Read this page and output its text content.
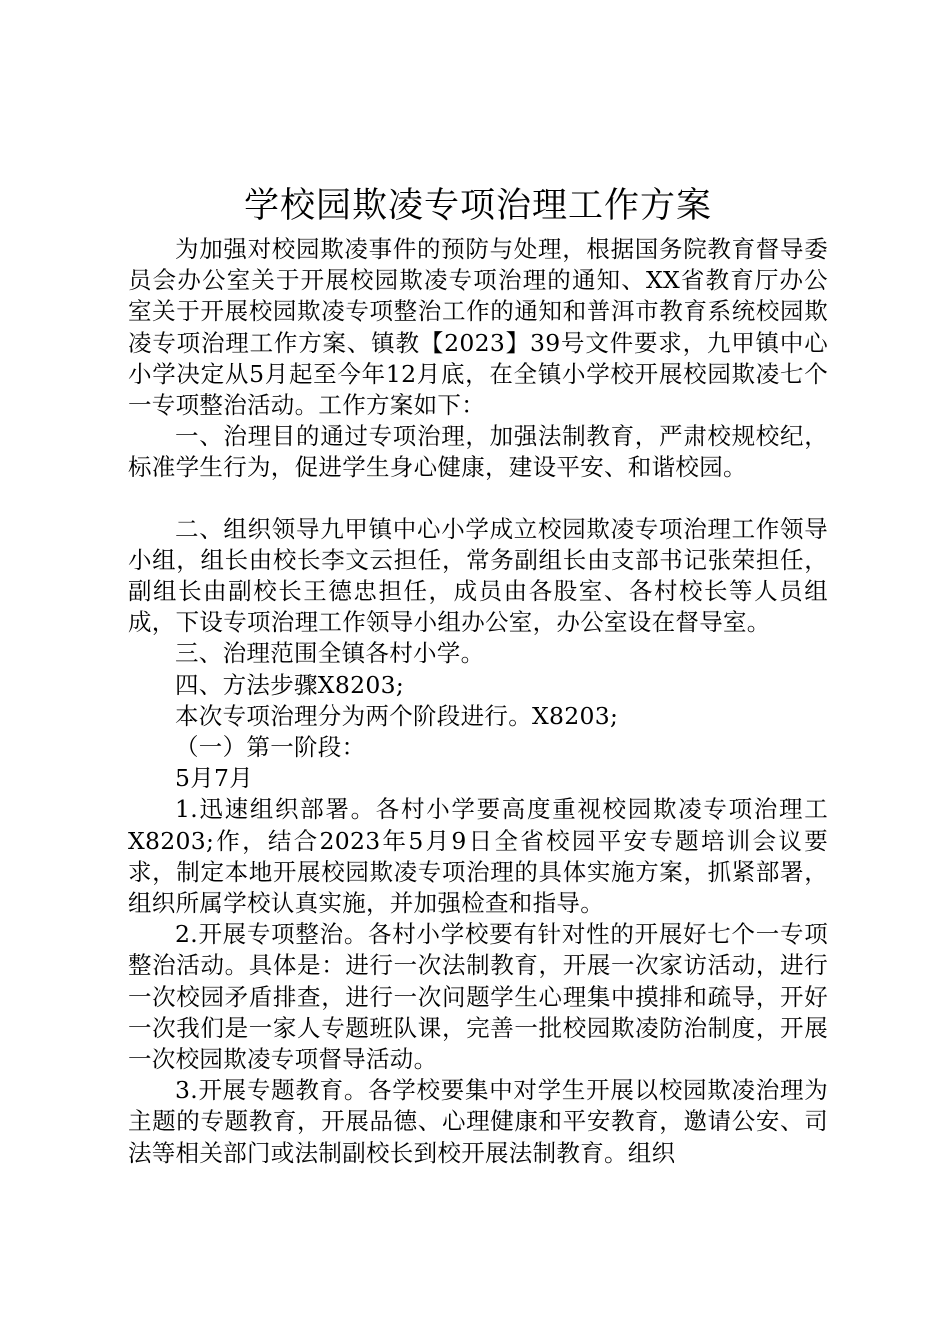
学校园欺凌专项治理工作方案

为加强对校园欺凌事件的预防与处理，根据国务院教育督导委员会办公室关于开展校园欺凌专项治理的通知、XX省教育厅办公室关于开展校园欺凌专项整治工作的通知和普洱市教育系统校园欺凌专项治理工作方案、镇教【2023】39号文件要求，九甲镇中心小学决定从5月起至今年12月底，在全镇小学校开展校园欺凌七个一专项整治活动。工作方案如下：

一、治理目的通过专项治理，加强法制教育，严肃校规校纪，标准学生行为，促进学生身心健康，建设平安、和谐校园。

二、组织领导九甲镇中心小学成立校园欺凌专项治理工作领导小组，组长由校长李文云担任，常务副组长由支部书记张荣担任，副组长由副校长王德忠担任，成员由各股室、各村校长等人员组成，下设专项治理工作领导小组办公室，办公室设在督导室。

三、治理范围全镇各村小学。

四、方法步骤X8203;

本次专项治理分为两个阶段进行。X8203;

（一）第一阶段：

5月7月

1.迅速组织部署。各村小学要高度重视校园欺凌专项治理工X8203;作，结合2023年5月9日全省校园平安专题培训会议要求，制定本地开展校园欺凌专项治理的具体实施方案，抓紧部署，组织所属学校认真实施，并加强检查和指导。

2.开展专项整治。各村小学校要有针对性的开展好七个一专项整治活动。具体是：进行一次法制教育，开展一次家访活动，进行一次校园矛盾排查，进行一次问题学生心理集中摸排和疏导，开好一次我们是一家人专题班队课，完善一批校园欺凌防治制度，开展一次校园欺凌专项督导活动。

3.开展专题教育。各学校要集中对学生开展以校园欺凌治理为主题的专题教育，开展品德、心理健康和平安教育，邀请公安、司法等相关部门或法制副校长到校开展法制教育。组织
